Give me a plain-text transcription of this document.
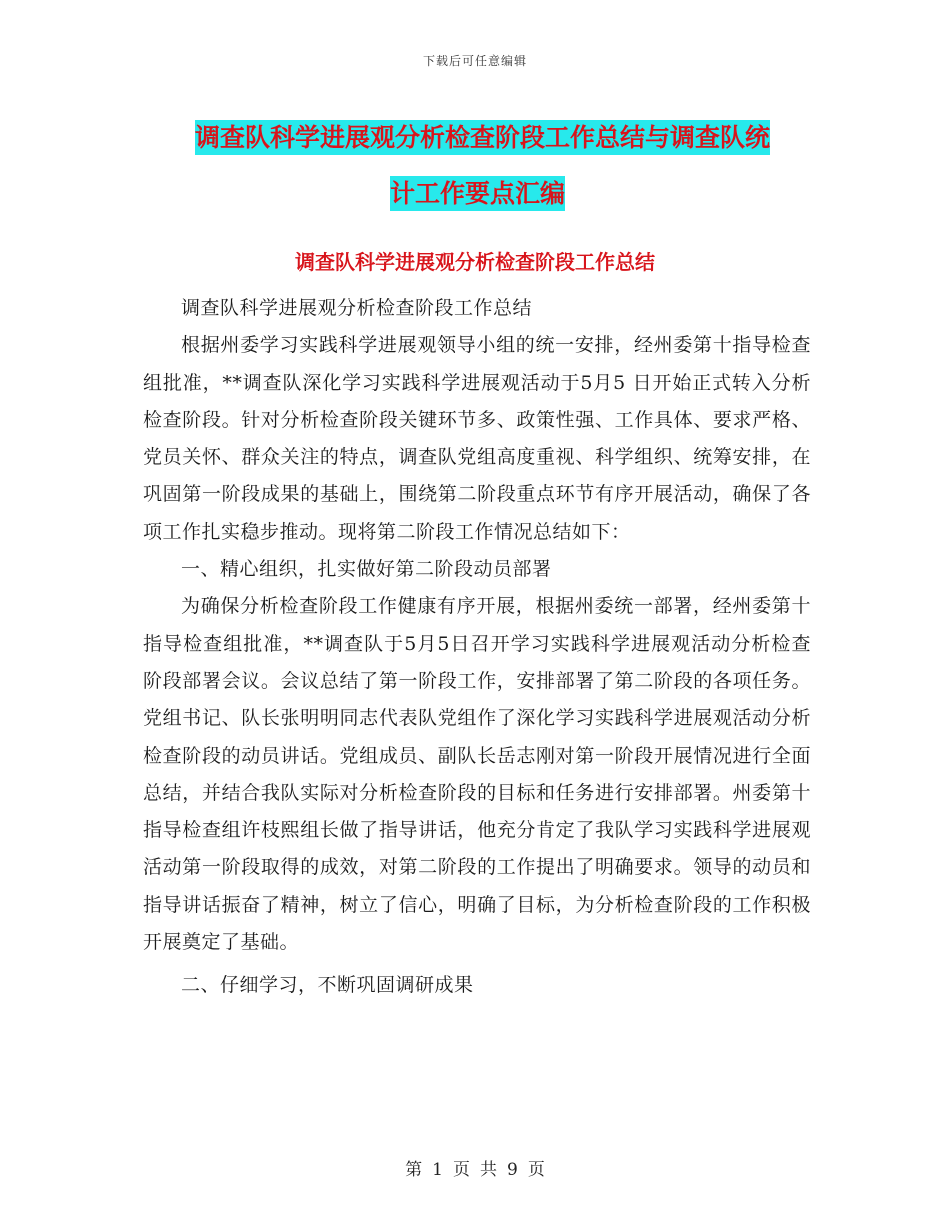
下载后可任意编辑
调查队科学进展观分析检查阶段工作总结与调查队统
计工作要点汇编
调查队科学进展观分析检查阶段工作总结

调查队科学进展观分析检查阶段工作总结

根据州委学习实践科学进展观领导小组的统一安排，经州委第十指导检查组批准，**调查队深化学习实践科学进展观活动于5月5 日开始正式转入分析检查阶段。针对分析检查阶段关键环节多、政策性强、工作具体、要求严格、党员关怀、群众关注的特点，调查队党组高度重视、科学组织、统筹安排，在巩固第一阶段成果的基础上，围绕第二阶段重点环节有序开展活动，确保了各项工作扎实稳步推动。现将第二阶段工作情况总结如下：

一、精心组织，扎实做好第二阶段动员部署

为确保分析检查阶段工作健康有序开展，根据州委统一部署，经州委第十指导检查组批准，**调查队于5月5日召开学习实践科学进展观活动分析检查阶段部署会议。会议总结了第一阶段工作，安排部署了第二阶段的各项任务。党组书记、队长张明明同志代表队党组作了深化学习实践科学进展观活动分析检查阶段的动员讲话。党组成员、副队长岳志刚对第一阶段开展情况进行全面总结，并结合我队实际对分析检查阶段的目标和任务进行安排部署。州委第十指导检查组许枝熙组长做了指导讲话，他充分肯定了我队学习实践科学进展观活动第一阶段取得的成效，对第二阶段的工作提出了明确要求。领导的动员和指导讲话振奋了精神，树立了信心，明确了目标，为分析检查阶段的工作积极开展奠定了基础。

二、仔细学习，不断巩固调研成果

第 1 页 共 9 页
